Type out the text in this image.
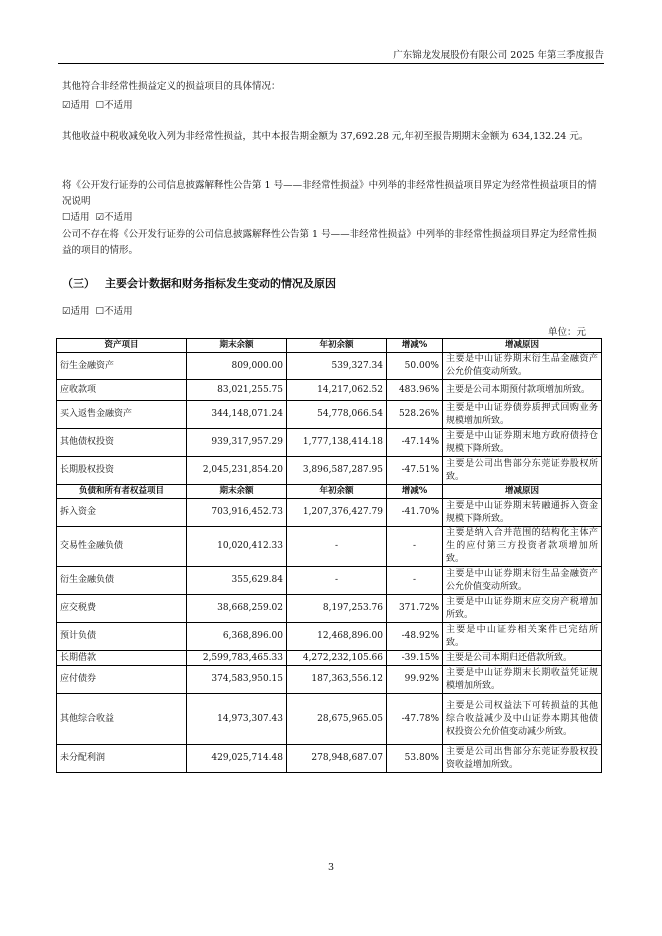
广东锦龙发展股份有限公司 2025 年第三季度报告
其他符合非经常性损益定义的损益项目的具体情况：
☑适用 ☐不适用
其他收益中税收减免收入列为非经常性损益，其中本报告期金额为 37,692.28 元,年初至报告期期末金额为 634,132.24 元。
将《公开发行证券的公司信息披露解释性公告第 1 号——非经常性损益》中列举的非经常性损益项目界定为经常性损益项目的情况说明
☐适用 ☑不适用
公司不存在将《公开发行证券的公司信息披露解释性公告第 1 号——非经常性损益》中列举的非经常性损益项目界定为经常性损益的项目的情形。
（三） 主要会计数据和财务指标发生变动的情况及原因
☑适用 ☐不适用
单位：元
资产项目	期末余额	年初余额	增减%	增减原因
衍生金融资产	809,000.00	539,327.34	50.00%	主要是中山证券期末衍生品金融资产公允价值变动所致。
应收款项	83,021,255.75	14,217,062.52	483.96%	主要是公司本期预付款项增加所致。
买入返售金融资产	344,148,071.24	54,778,066.54	528.26%	主要是中山证券债券质押式回购业务规模增加所致。
其他债权投资	939,317,957.29	1,777,138,414.18	-47.14%	主要是中山证券期末地方政府债持仓规模下降所致。
长期股权投资	2,045,231,854.20	3,896,587,287.95	-47.51%	主要是公司出售部分东莞证券股权所致。
负债和所有者权益项目	期末余额	年初余额	增减%	增减原因
拆入资金	703,916,452.73	1,207,376,427.79	-41.70%	主要是中山证券期末转融通拆入资金规模下降所致。
交易性金融负债	10,020,412.33	-	-	主要是纳入合并范围的结构化主体产生的应付第三方投资者款项增加所致。
衍生金融负债	355,629.84	-	-	主要是中山证券期末衍生品金融资产公允价值变动所致。
应交税费	38,668,259.02	8,197,253.76	371.72%	主要是中山证券期末应交房产税增加所致。
预计负债	6,368,896.00	12,468,896.00	-48.92%	主要是中山证券相关案件已完结所致。
长期借款	2,599,783,465.33	4,272,232,105.66	-39.15%	主要是公司本期归还借款所致。
应付债券	374,583,950.15	187,363,556.12	99.92%	主要是中山证券期末长期收益凭证规模增加所致。
其他综合收益	14,973,307.43	28,675,965.05	-47.78%	主要是公司权益法下可转损益的其他综合收益减少及中山证券本期其他债权投资公允价值变动减少所致。
未分配利润	429,025,714.48	278,948,687.07	53.80%	主要是公司出售部分东莞证券股权投资收益增加所致。
3
